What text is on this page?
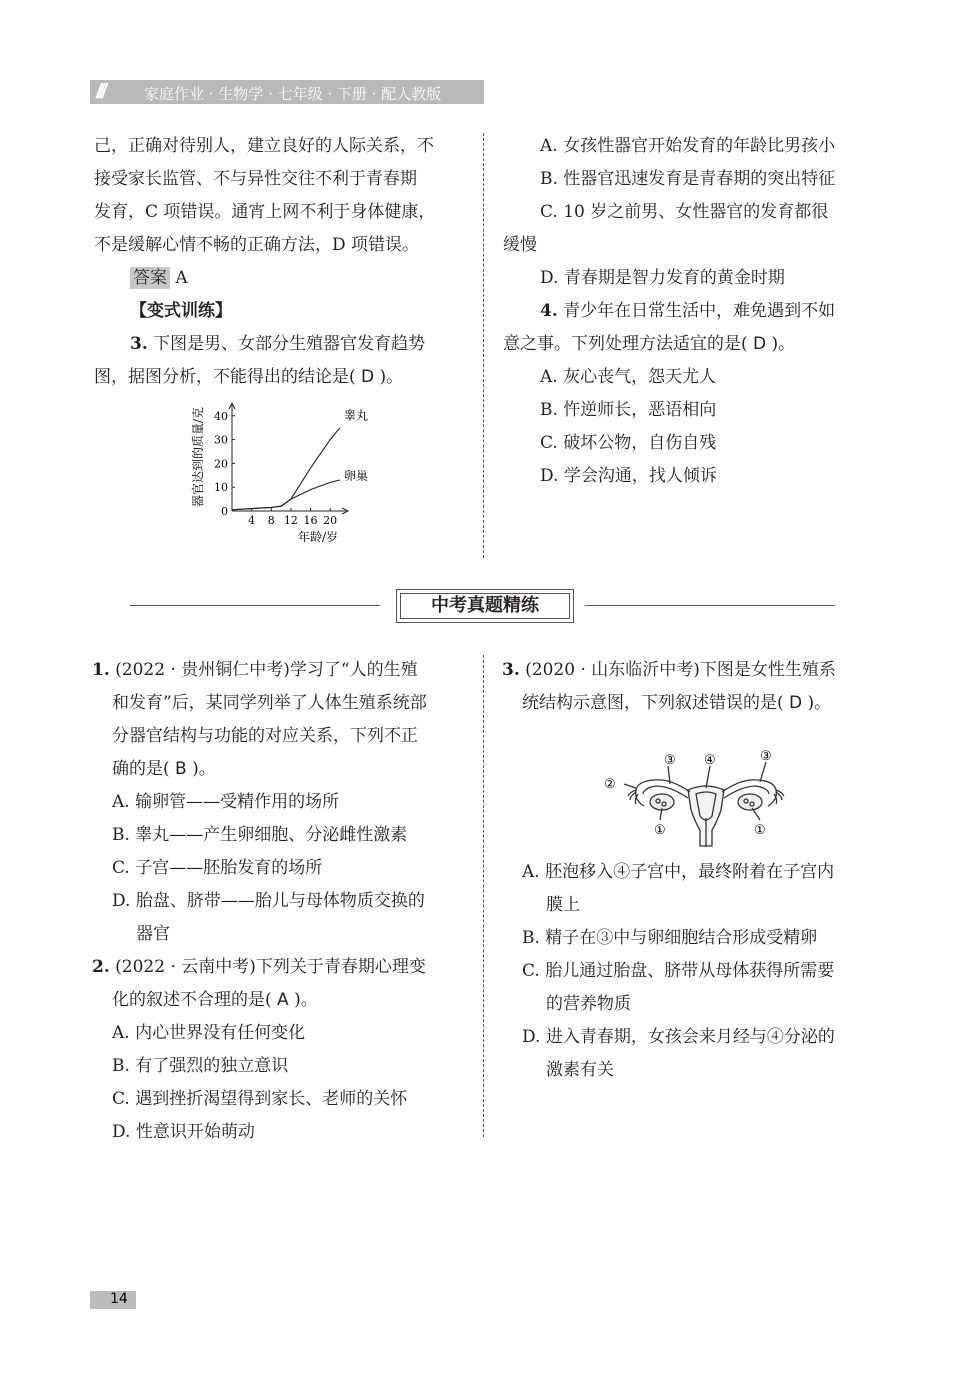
///	家庭作业 · 生物学 · 七年级 · 下册 · 配人教版
己，正确对待别人，建立良好的人际关系，不
接受家长监管、不与异性交往不利于青春期
发育，C 项错误。通宵上网不利于身体健康，
不是缓解心情不畅的正确方法，D 项错误。
答案 A
【变式训练】
3. 下图是男、女部分生殖器官发育趋势
图，据图分析，不能得出的结论是( D )。
0
10
20
30
40
4 8 12 16 20
睾丸
卵巢
器官达到的质量/克
年龄/岁
A. 女孩性器官开始发育的年龄比男孩小
B. 性器官迅速发育是青春期的突出特征
C. 10 岁之前男、女性器官的发育都很
缓慢
D. 青春期是智力发育的黄金时期
4. 青少年在日常生活中，难免遇到不如
意之事。下列处理方法适宜的是( D )。
A. 灰心丧气，怨天尤人
B. 忤逆师长，恶语相向
C. 破坏公物，自伤自残
D. 学会沟通，找人倾诉
中考真题精练
1. (2022 · 贵州铜仁中考)学习了“人的生殖
和发育”后，某同学列举了人体生殖系统部
分器官结构与功能的对应关系，下列不正
确的是( B )。
A. 输卵管——受精作用的场所
B. 睾丸——产生卵细胞、分泌雌性激素
C. 子宫——胚胎发育的场所
D. 胎盘、脐带——胎儿与母体物质交换的
器官
2. (2022 · 云南中考)下列关于青春期心理变
化的叙述不合理的是( A )。
A. 内心世界没有任何变化
B. 有了强烈的独立意识
C. 遇到挫折渴望得到家长、老师的关怀
D. 性意识开始萌动
3. (2020 · 山东临沂中考)下图是女性生殖系
统结构示意图，下列叙述错误的是( D )。
③ ④	③
②
①	①
A. 胚泡移入④子宫中，最终附着在子宫内
膜上
B. 精子在③中与卵细胞结合形成受精卵
C. 胎儿通过胎盘、脐带从母体获得所需要
的营养物质
D. 进入青春期，女孩会来月经与④分泌的
激素有关
14
